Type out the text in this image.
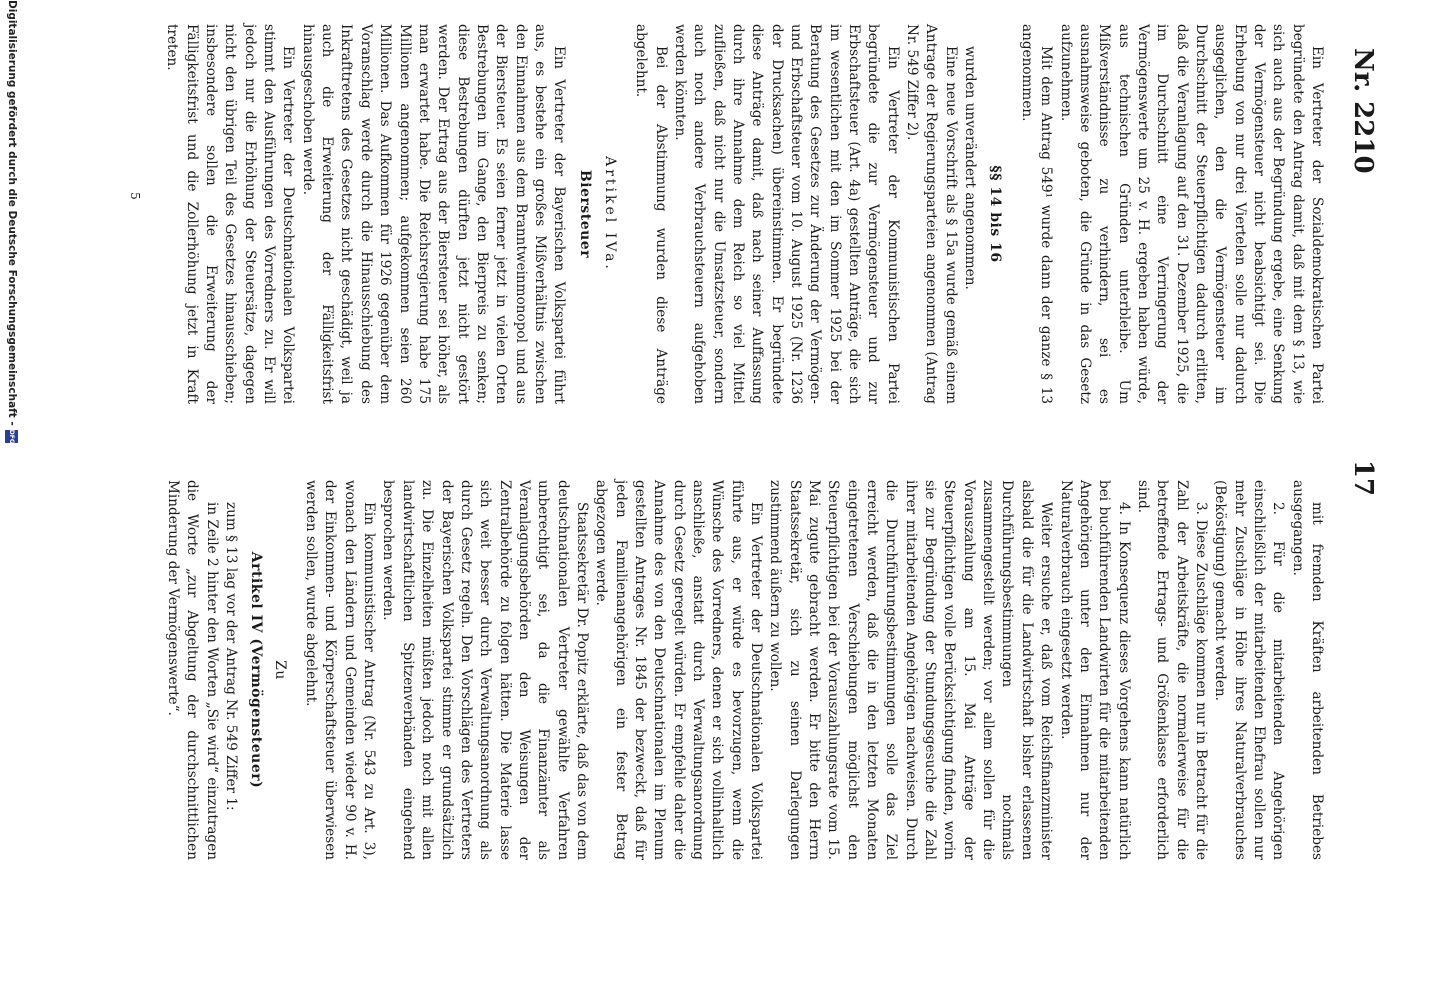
Nr. 2210
17

Ein Vertreter der Sozialdemokratischen Partei begründete den Antrag damit, daß mit dem § 13, wie sich auch aus der Begründung ergebe, eine Senkung der Vermögensteuer nicht beabsichtigt sei. Die Erhebung von nur drei Viertelen solle nur dadurch ausgeglichen, den die Vermögensteuer im Durchschnitt der Steuerpflichtigen dadurch erlitten, daß die Veranlagung auf den 31. Dezember 1925, die im Durchschnitt eine Verringerung der Vermögenswerte um 25 v. H. ergeben haben würde, aus technischen Gründen unterbleibe. Um Mißverständnisse zu verhindern, sei es ausnahmsweise geboten, die Gründe in das Gesetz aufzunehmen.

Mit dem Antrag 549¹ wurde dann der ganze § 13 angenommen.

§§ 14 bis 16

wurden unverändert angenommen.

Eine neue Vorschrift als § 15a wurde gemäß einem Antrage der Regierungsparteien angenommen (Antrag Nr. 549 Ziffer 2).

Ein Vertreter der Kommunistischen Partei begründete die zur Vermögensteuer und zur Erbschaftsteuer (Art. 4a) gestellten Anträge, die sich im wesentlichen mit den im Sommer 1925 bei der Beratung des Gesetzes zur Änderung der Vermögen- und Erbschaftsteuer vom 10. August 1925 (Nr. 1236 der Drucksachen) übereinstimmen. Er begründete diese Anträge damit, daß nach seiner Auffassung durch ihre Annahme dem Reich so viel Mittel zufließen, daß nicht nur die Umsatzsteuer, sondern auch noch andere Verbrauchsteuern aufgehoben werden könnten.

Bei der Abstimmung wurden diese Anträge abgelehnt.

Artikel IVa.
Biersteuer

Ein Vertreter der Bayerischen Volkspartei führt aus, es bestehe ein großes Mißverhältnis zwischen den Einnahmen aus dem Branntweinmonopol und aus der Biersteuer. Es seien ferner jetzt in vielen Orten Bestrebungen im Gange, den Bierpreis zu senken; diese Bestrebungen dürften jetzt nicht gestört werden. Der Ertrag aus der Biersteuer sei höher, als man erwartet habe. Die Reichsregierung habe 175 Millionen angenommen; aufgekommen seien 260 Millionen. Das Aufkommen für 1926 gegenüber dem Voranschlag werde durch die Hinausschiebung des Inkrafttretens des Gesetzes nicht geschädigt, weil ja auch die Erweiterung der Fälligkeitsfrist hinausgeschoben werde.

Ein Vertreter der Deutschnationalen Volkspartei stimmt den Ausführungen des Vorredners zu. Er will jedoch nur die Erhöhung der Steuersätze, dagegen nicht den übrigen Teil des Gesetzes hinausschieben; insbesondere sollen die Erweiterung der Fälligkeitsfrist und die Zollerhöhung jetzt in Kraft treten.

mit fremden Kräften arbeitenden Betriebes ausgegangen.

2. Für die mitarbeitenden Angehörigen einschließlich der mitarbeitenden Ehefrau sollen nur mehr Zuschläge in Höhe ihres Naturalverbrauches (Beköstigung) gemacht werden.

3. Diese Zuschläge kommen nur in Betracht für die Zahl der Arbeitskräfte, die normalerweise für die betreffende Ertrags- und Größenklasse erforderlich sind.

4. In Konsequenz dieses Vorgehens kann natürlich bei buchführenden Landwirten für die mitarbeitenden Angehörigen unter den Einnahmen nur der Naturalverbrauch eingesetzt werden.

Weiter ersuche er, daß vom Reichsfinanzminister alsbald die für die Landwirtschaft bisher erlassenen Durchführungsbestimmungen nochmals zusammengestellt werden; vor allem sollen für die Vorauszahlung am 15. Mai Anträge der Steuerpflichtigen volle Berücksichtigung finden, worin sie zur Begründung der Stundungsgesuche die Zahl ihrer mitarbeitenden Angehörigen nachweisen. Durch die Durchführungsbestimmungen solle das Ziel erreicht werden, daß die in den letzten Monaten eingetretenen Verschiebungen möglichst den Steuerpflichtigen bei der Vorauszahlungsrate vom 15. Mai zugute gebracht werden. Er bitte den Herrn Staatssekretär, sich zu seinen Darlegungen zustimmend äußern zu wollen.

Ein Vertreter der Deutschnationalen Volkspartei führte aus, er würde es bevorzugen, wenn die Wünsche des Vorredners, denen er sich vollinhaltlich anschließe, anstatt durch Verwaltungsanordnung durch Gesetz geregelt würden. Er empfehle daher die Annahme des von den Deutschnationalen im Plenum gestellten Antrages Nr. 1845 der bezweckt, daß für jeden Familienangehörigen ein fester Betrag abgezogen werde.

Staatssekretär Dr. Popitz erklärte, daß das von dem deutschnationalen Vertreter gewählte Verfahren unberechtigt sei, da die Finanzämter als Veranlagungsbehörden den Weisungen der Zentralbehörde zu folgen hätten. Die Materie lasse sich weit besser durch Verwaltungsanordnung als durch Gesetz regeln. Den Vorschlägen des Vertreters der Bayerischen Volkspartei stimme er grundsätzlich zu. Die Einzelheiten müßten jedoch noch mit allen landwirtschaftlichen Spitzenverbänden eingehend besprochen werden.

Ein kommunistischer Antrag (Nr. 543 zu Art. 3), wonach den Ländern und Gemeinden wieder 90 v. H. der Einkommen- und Körperschaftsteuer überwiesen werden sollen, wurde abgelehnt.

Zu
Artikel IV (Vermögensteuer)

zum § 13 lag vor der Antrag Nr. 549 Ziffer 1:

in Zeile 2 hinter den Worten „Sie wird“ einzutragen die Worte „zur Abgeltung der durchschnittlichen Minderung der Vermögenswerte“.

5
Digitalisierung gefördert durch die Deutsche Forschungsgemeinschaft -
DFG
